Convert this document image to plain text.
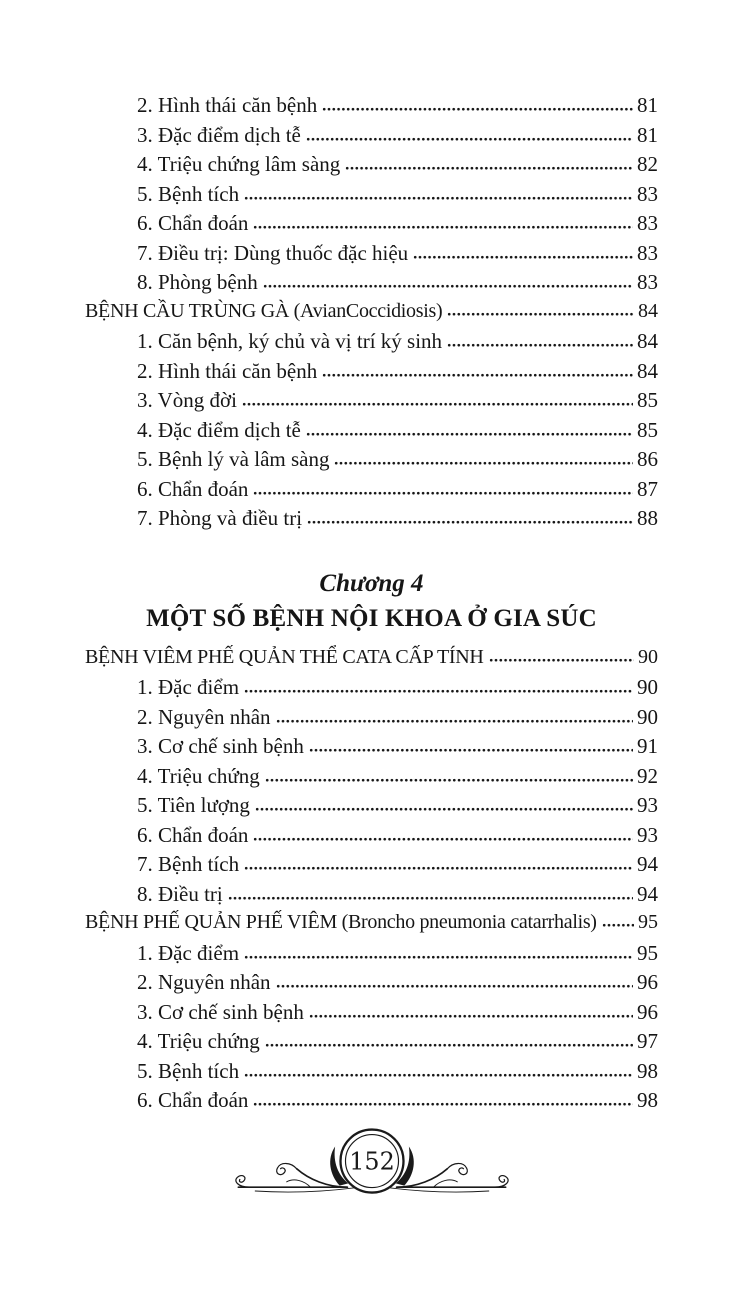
2. Hình thái căn bệnh	81
3. Đặc điểm dịch tễ	81
4. Triệu chứng lâm sàng	82
5. Bệnh tích	83
6. Chẩn đoán	83
7. Điều trị: Dùng thuốc đặc hiệu	83
8. Phòng bệnh	83
BỆNH CẦU TRÙNG GÀ (AvianCoccidiosis)	84
1. Căn bệnh, ký chủ và vị trí ký sinh	84
2. Hình thái căn bệnh	84
3. Vòng đời	85
4. Đặc điểm dịch tễ	85
5. Bệnh lý và lâm sàng	86
6. Chẩn đoán	87
7. Phòng và điều trị	88
Chương 4
MỘT SỐ BỆNH NỘI KHOA Ở GIA SÚC
BỆNH VIÊM PHẾ QUẢN THỂ CATA CẤP TÍNH	90
1. Đặc điểm	90
2. Nguyên nhân	90
3. Cơ chế sinh bệnh	91
4. Triệu chứng	92
5. Tiên lượng	93
6. Chẩn đoán	93
7. Bệnh tích	94
8. Điều trị	94
BỆNH PHẾ QUẢN PHẾ VIÊM (Broncho pneumonia catarrhalis) 95
1. Đặc điểm	95
2. Nguyên nhân	96
3. Cơ chế sinh bệnh	96
4. Triệu chứng	97
5. Bệnh tích	98
6. Chẩn đoán	98
152
